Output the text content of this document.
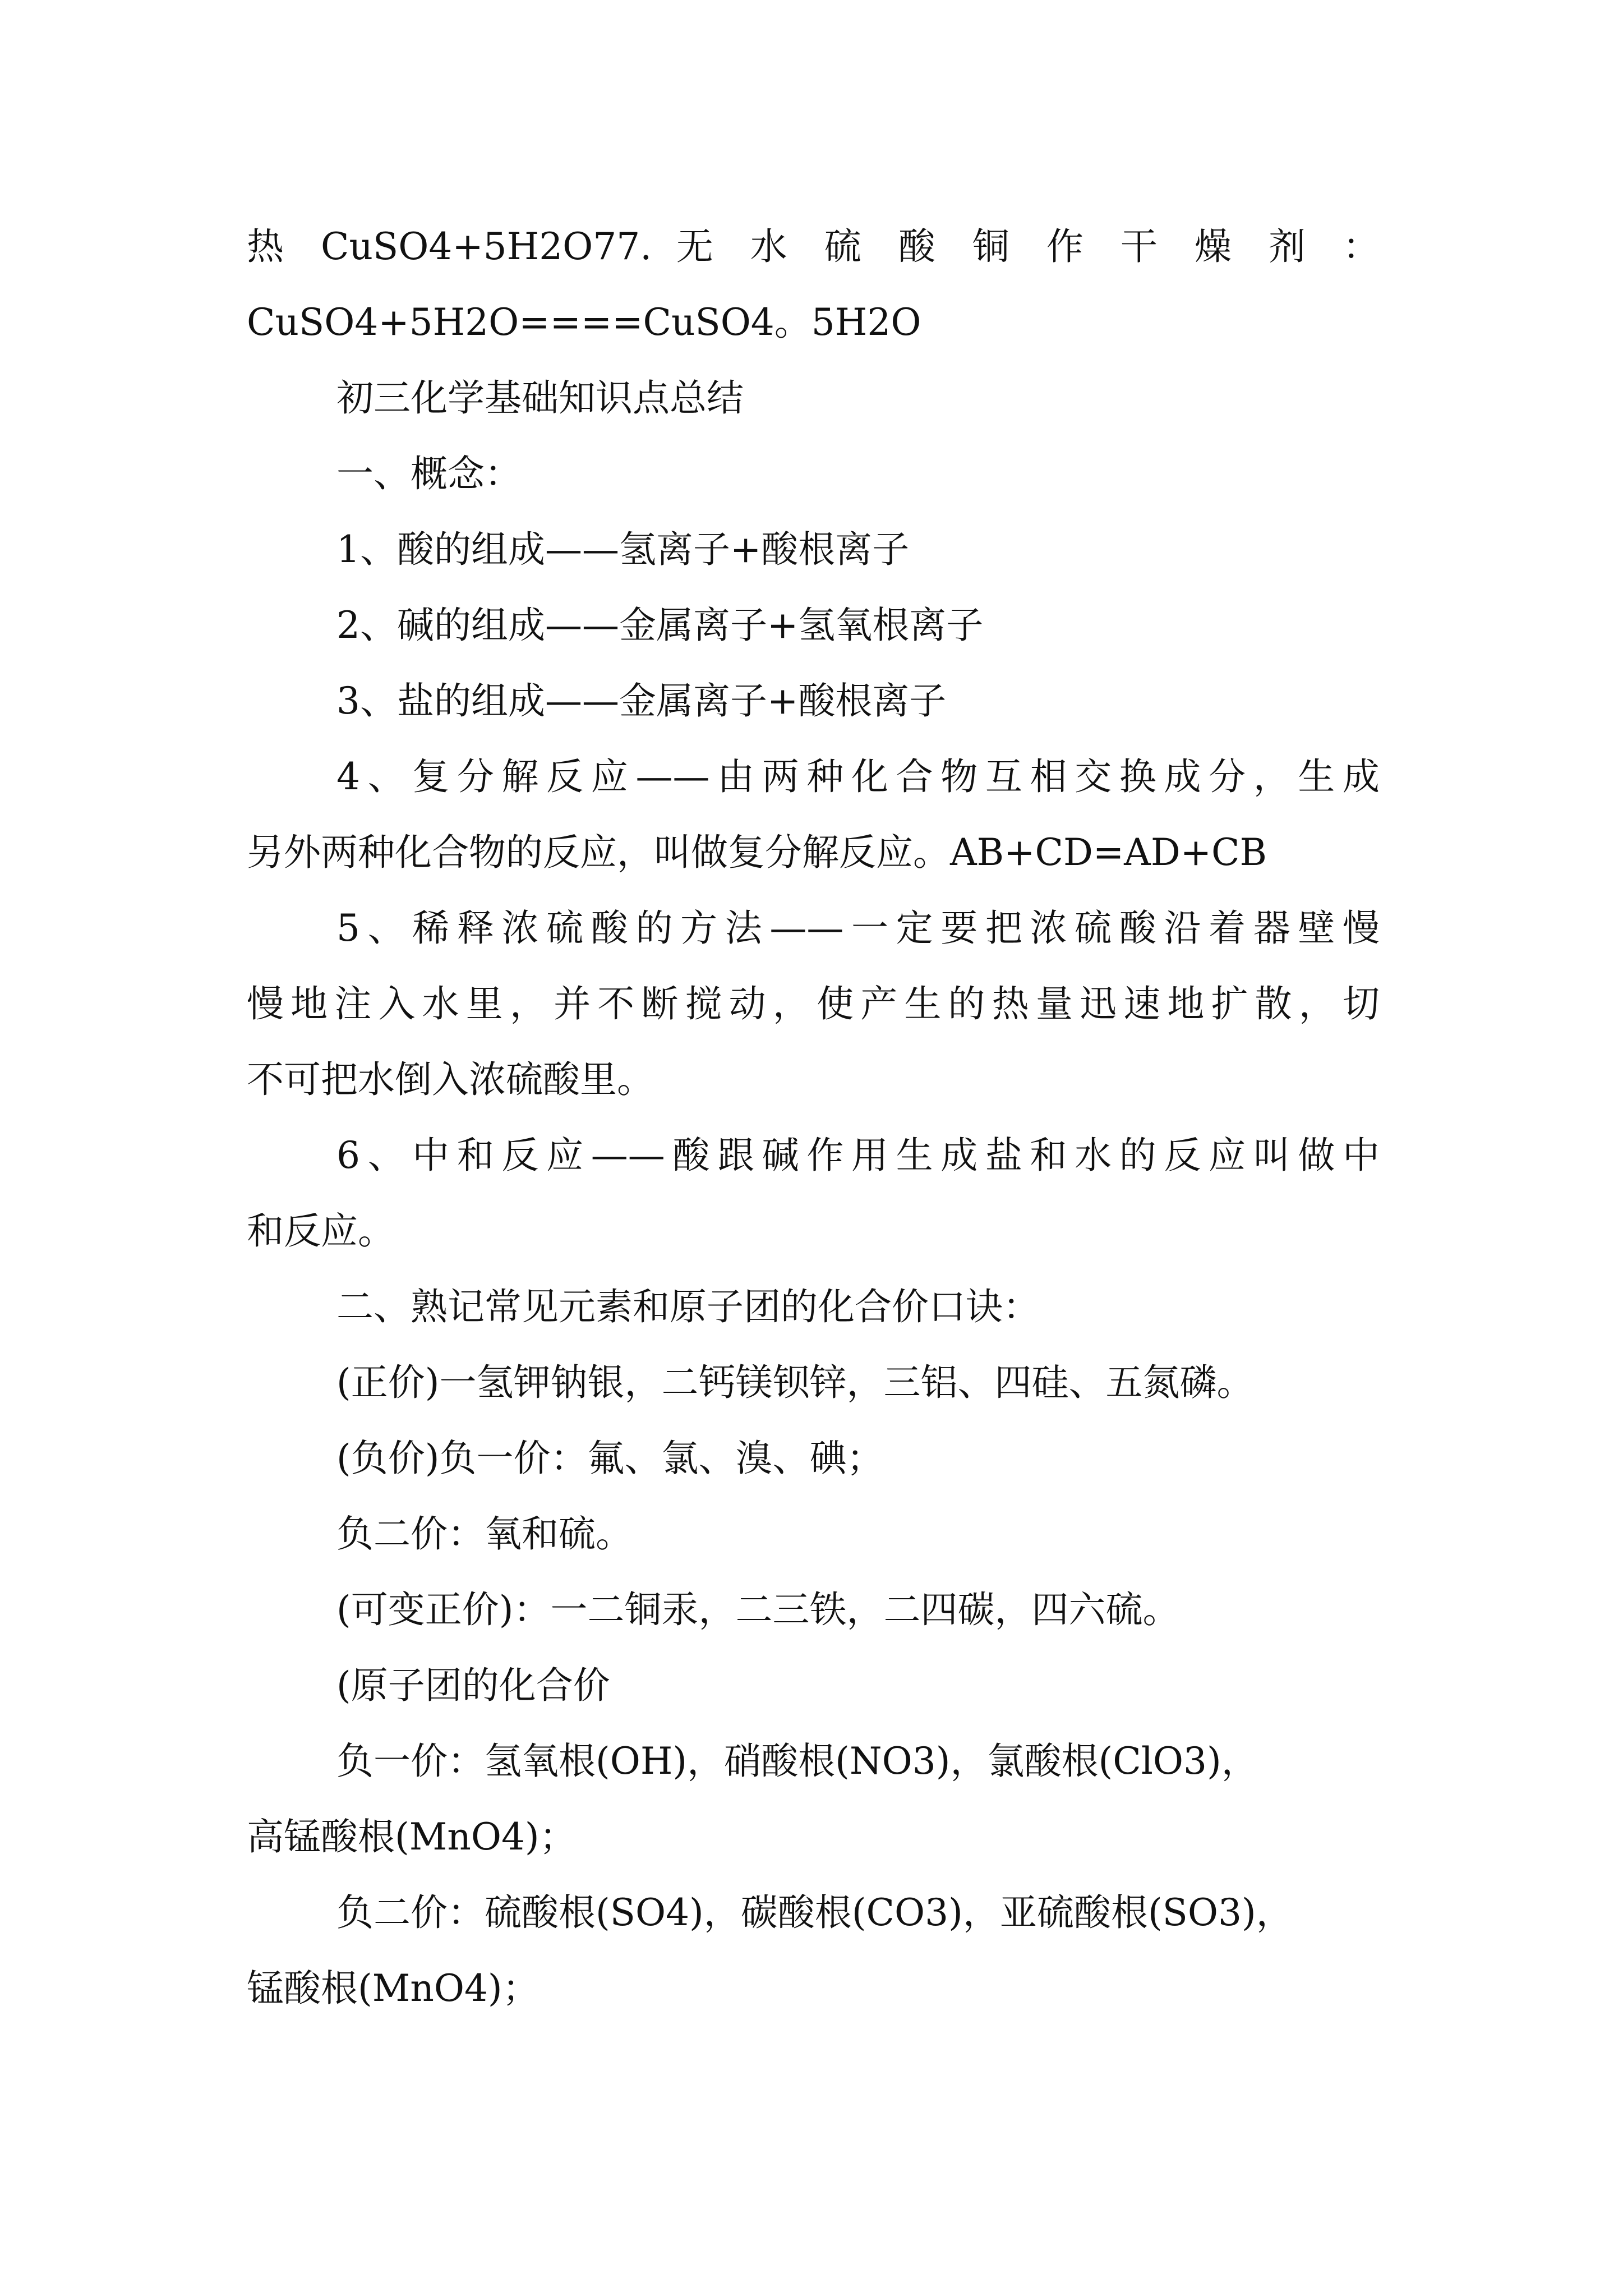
热 CuSO4+5H2O77. 无 水 硫 酸 铜 作 干 燥 剂 ：
CuSO4+5H2O====CuSO4。5H2O
初三化学基础知识点总结
一、概念：
1、酸的组成——氢离子+酸根离子
2、碱的组成——金属离子+氢氧根离子
3、盐的组成——金属离子+酸根离子
4、复分解反应——由两种化合物互相交换成分，生成
另外两种化合物的反应，叫做复分解反应。AB+CD=AD+CB
5、稀释浓硫酸的方法——一定要把浓硫酸沿着器壁慢
慢地注入水里，并不断搅动，使产生的热量迅速地扩散，切
不可把水倒入浓硫酸里。
6、中和反应——酸跟碱作用生成盐和水的反应叫做中
和反应。
二、熟记常见元素和原子团的化合价口诀：
(正价)一氢钾钠银，二钙镁钡锌，三铝、四硅、五氮磷。
(负价)负一价：氟、氯、溴、碘；
负二价：氧和硫。
(可变正价)：一二铜汞，二三铁，二四碳，四六硫。
(原子团的化合价
负一价：氢氧根(OH)，硝酸根(NO3)，氯酸根(ClO3)，
高锰酸根(MnO4)；
负二价：硫酸根(SO4)，碳酸根(CO3)，亚硫酸根(SO3)，
锰酸根(MnO4)；
